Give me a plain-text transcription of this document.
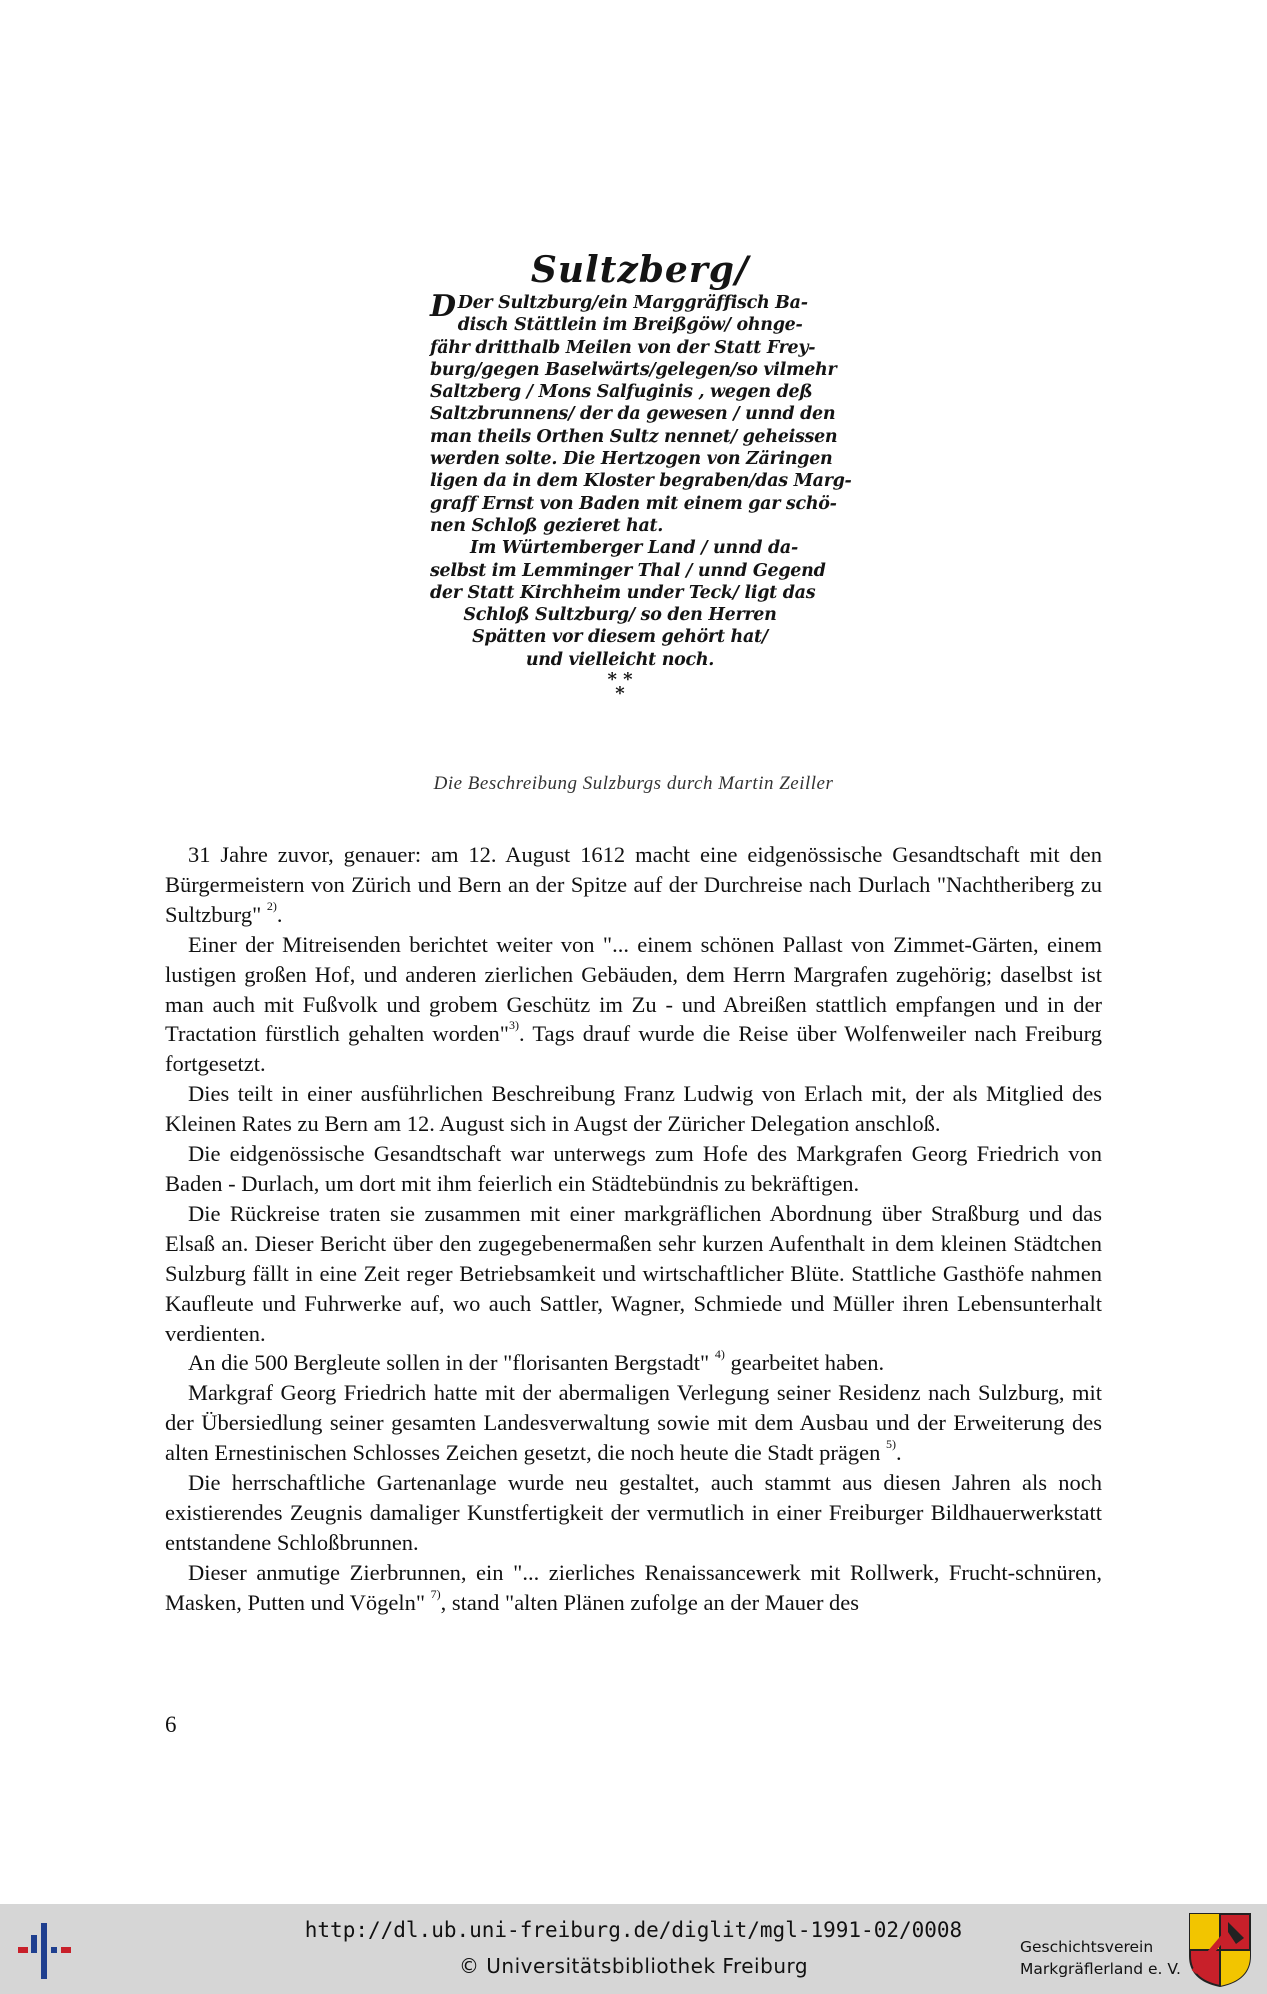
Sultzberg/
D Der Sultzburg/ein Marggräffisch Ba-
disch Stättlein im Breißgöw/ ohnge-
fähr dritthalb Meilen von der Statt Frey-
burg/gegen Baselwärts/gelegen/so vilmehr
Saltzberg / Mons Salfuginis , wegen deß
Saltzbrunnens/ der da gewesen / unnd den
man theils Orthen Sultz nennet/ geheissen
werden solte. Die Hertzogen von Zäringen
ligen da in dem Kloster begraben/das Marg-
graff Ernst von Baden mit einem gar schö-
nen Schloß gezieret hat.
Im Würtemberger Land / unnd da-
selbst im Lemminger Thal / unnd Gegend
der Statt Kirchheim under Teck/ ligt das
Schloß Sultzburg/ so den Herren
Spätten vor diesem gehört hat/
und vielleicht noch.
* *
*
Die Beschreibung Sulzburgs durch Martin Zeiller

31 Jahre zuvor, genauer: am 12. August 1612 macht eine eidgenössische Gesandtschaft mit den Bürgermeistern von Zürich und Bern an der Spitze auf der Durchreise nach Durlach "Nachtheriberg zu Sultzburg" $^{2)}$.

Einer der Mitreisenden berichtet weiter von "... einem schönen Pallast von Zimmet-Gärten, einem lustigen großen Hof, und anderen zierlichen Gebäuden, dem Herrn Margrafen zugehörig; daselbst ist man auch mit Fußvolk und grobem Geschütz im Zu - und Abreißen stattlich empfangen und in der Tractation fürstlich gehalten worden"$^{3)}$. Tags drauf wurde die Reise über Wolfenweiler nach Freiburg fortgesetzt.

Dies teilt in einer ausführlichen Beschreibung Franz Ludwig von Erlach mit, der als Mitglied des Kleinen Rates zu Bern am 12. August sich in Augst der Züricher Delegation anschloß.

Die eidgenössische Gesandtschaft war unterwegs zum Hofe des Markgrafen Georg Friedrich von Baden - Durlach, um dort mit ihm feierlich ein Städtebündnis zu bekräftigen.

Die Rückreise traten sie zusammen mit einer markgräflichen Abordnung über Straßburg und das Elsaß an. Dieser Bericht über den zugegebenermaßen sehr kurzen Aufenthalt in dem kleinen Städtchen Sulzburg fällt in eine Zeit reger Betriebsamkeit und wirtschaftlicher Blüte. Stattliche Gasthöfe nahmen Kaufleute und Fuhrwerke auf, wo auch Sattler, Wagner, Schmiede und Müller ihren Lebensunterhalt verdienten.

An die 500 Bergleute sollen in der "florisanten Bergstadt" $^{4)}$ gearbeitet haben.

Markgraf Georg Friedrich hatte mit der abermaligen Verlegung seiner Residenz nach Sulzburg, mit der Übersiedlung seiner gesamten Landesverwaltung sowie mit dem Ausbau und der Erweiterung des alten Ernestinischen Schlosses Zeichen gesetzt, die noch heute die Stadt prägen $^{5)}$.

Die herrschaftliche Gartenanlage wurde neu gestaltet, auch stammt aus diesen Jahren als noch existierendes Zeugnis damaliger Kunstfertigkeit der vermutlich in einer Freiburger Bildhauerwerkstatt entstandene Schloßbrunnen.

Dieser anmutige Zierbrunnen, ein "... zierliches Renaissancewerk mit Rollwerk, Frucht-schnüren, Masken, Putten und Vögeln" $^{7)}$, stand "alten Plänen zufolge an der Mauer des

6
http://dl.ub.uni-freiburg.de/diglit/mgl-1991-02/0008
© Universitätsbibliothek Freiburg
Geschichtsverein
Markgräflerland e. V.
